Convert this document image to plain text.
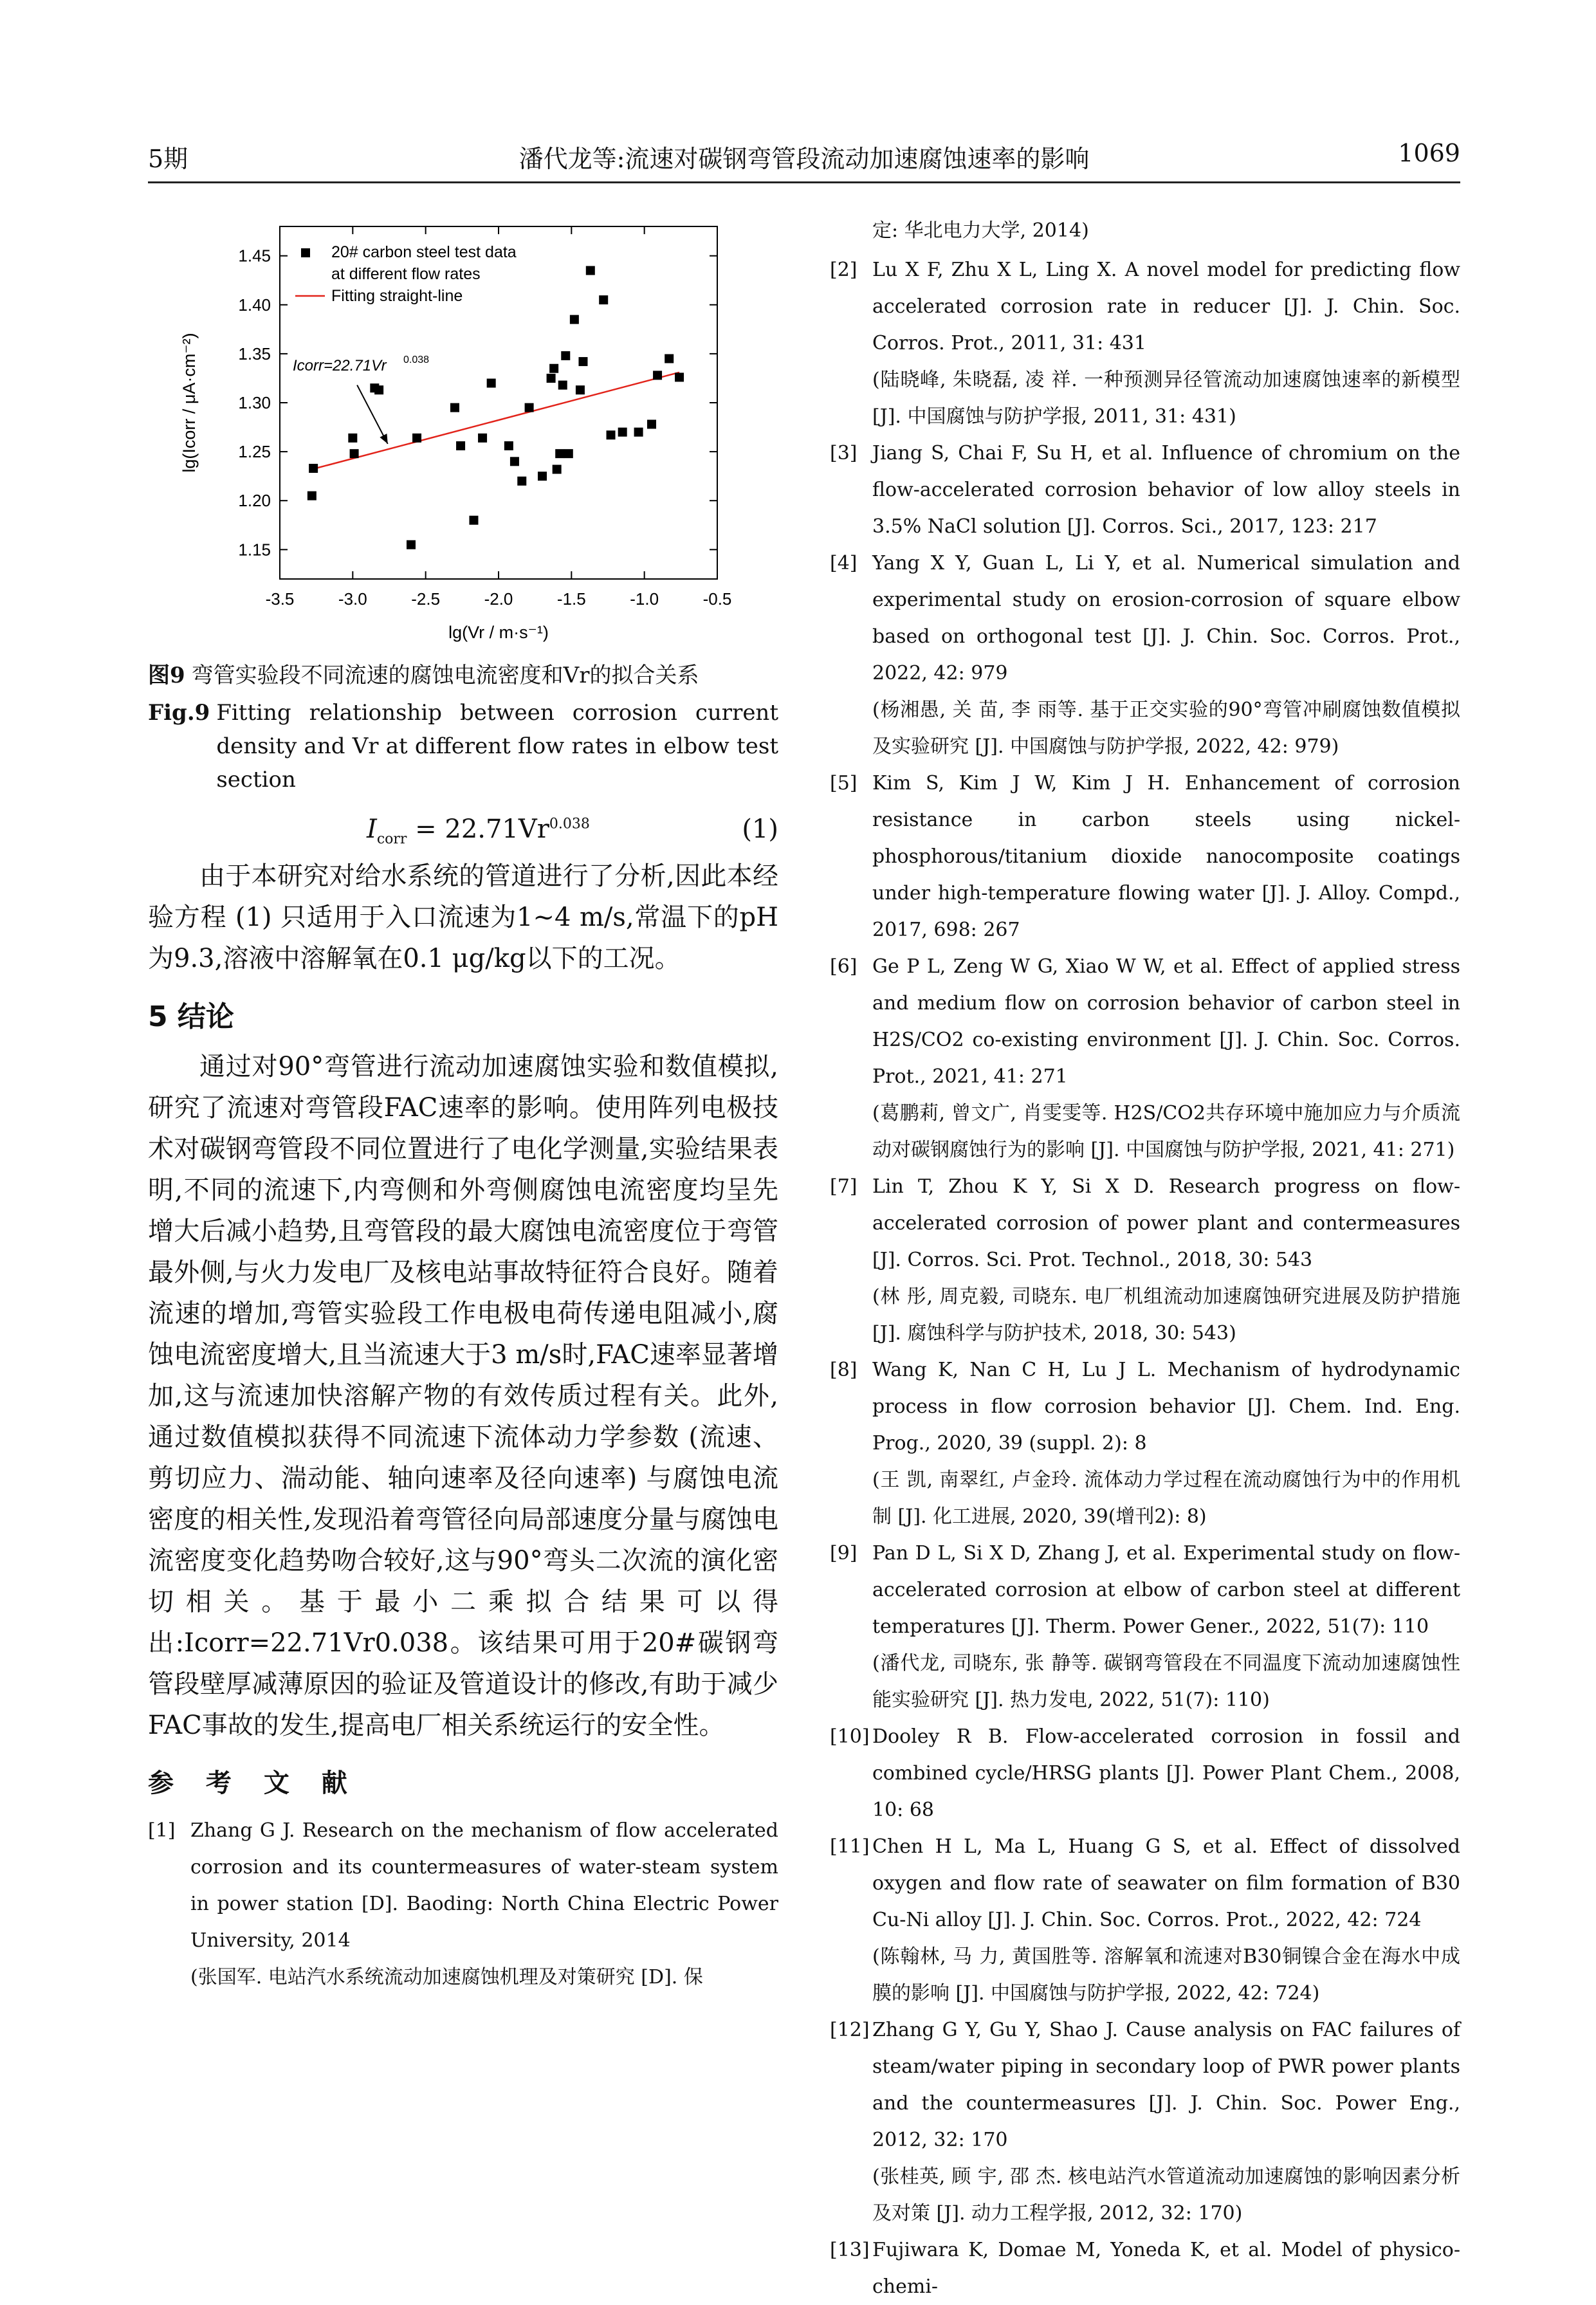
5期	潘代龙等:流速对碳钢弯管段流动加速腐蚀速率的影响	1069
-3.5	-3.0	-2.5	-2.0	-1.5	-1.0	-0.5
1.15
1.20
1.25
1.30
1.35
1.40
1.45
lg(Vr / m·s⁻¹)
lg(Icorr / μA·cm⁻²)	Icorr=22.71Vr 0.038
20# carbon steel test data
at different flow rates
Fitting straight-line
图9 弯管实验段不同流速的腐蚀电流密度和Vr的拟合关系
Fig.9 Fitting relationship between corrosion current density and Vr at different flow rates in elbow test section
$I_{corr} = 22.71Vr^{0.038}$	(1)

由于本研究对给水系统的管道进行了分析,因此本经验方程 (1) 只适用于入口流速为1~4 m/s,常温下的pH为9.3,溶液中溶解氧在0.1 μg/kg以下的工况。

5 结论

通过对90°弯管进行流动加速腐蚀实验和数值模拟,研究了流速对弯管段FAC速率的影响。使用阵列电极技术对碳钢弯管段不同位置进行了电化学测量,实验结果表明,不同的流速下,内弯侧和外弯侧腐蚀电流密度均呈先增大后减小趋势,且弯管段的最大腐蚀电流密度位于弯管最外侧,与火力发电厂及核电站事故特征符合良好。随着流速的增加,弯管实验段工作电极电荷传递电阻减小,腐蚀电流密度增大,且当流速大于3 m/s时,FAC速率显著增加,这与流速加快溶解产物的有效传质过程有关。此外,通过数值模拟获得不同流速下流体动力学参数 (流速、剪切应力、湍动能、轴向速率及径向速率) 与腐蚀电流密度的相关性,发现沿着弯管径向局部速度分量与腐蚀电流密度变化趋势吻合较好,这与90°弯头二次流的演化密切相关。基于最小二乘拟合结果可以得出:Icorr=22.71Vr0.038。该结果可用于20#碳钢弯管段壁厚减薄原因的验证及管道设计的修改,有助于减少FAC事故的发生,提高电厂相关系统运行的安全性。

参 考 文 献
[1] Zhang G J. Research on the mechanism of flow accelerated corrosion and its countermeasures of water-steam system in power station [D]. Baoding: North China Electric Power University, 2014
(张国军. 电站汽水系统流动加速腐蚀机理及对策研究 [D]. 保
定: 华北电力大学, 2014)
[2] Lu X F, Zhu X L, Ling X. A novel model for predicting flow accelerated corrosion rate in reducer [J]. J. Chin. Soc. Corros. Prot., 2011, 31: 431
(陆晓峰, 朱晓磊, 凌 祥. 一种预测异径管流动加速腐蚀速率的新模型 [J]. 中国腐蚀与防护学报, 2011, 31: 431)
[3] Jiang S, Chai F, Su H, et al. Influence of chromium on the flow-accelerated corrosion behavior of low alloy steels in 3.5% NaCl solution [J]. Corros. Sci., 2017, 123: 217
[4] Yang X Y, Guan L, Li Y, et al. Numerical simulation and experimental study on erosion-corrosion of square elbow based on orthogonal test [J]. J. Chin. Soc. Corros. Prot., 2022, 42: 979
(杨湘愚, 关 苗, 李 雨等. 基于正交实验的90°弯管冲刷腐蚀数值模拟及实验研究 [J]. 中国腐蚀与防护学报, 2022, 42: 979)
[5] Kim S, Kim J W, Kim J H. Enhancement of corrosion resistance in carbon steels using nickel-phosphorous/titanium dioxide nanocomposite coatings under high-temperature flowing water [J]. J. Alloy. Compd., 2017, 698: 267
[6] Ge P L, Zeng W G, Xiao W W, et al. Effect of applied stress and medium flow on corrosion behavior of carbon steel in H2S/CO2 co-existing environment [J]. J. Chin. Soc. Corros. Prot., 2021, 41: 271
(葛鹏莉, 曾文广, 肖雯雯等. H2S/CO2共存环境中施加应力与介质流动对碳钢腐蚀行为的影响 [J]. 中国腐蚀与防护学报, 2021, 41: 271)
[7] Lin T, Zhou K Y, Si X D. Research progress on flow-accelerated corrosion of power plant and contermeasures [J]. Corros. Sci. Prot. Technol., 2018, 30: 543
(林 彤, 周克毅, 司晓东. 电厂机组流动加速腐蚀研究进展及防护措施 [J]. 腐蚀科学与防护技术, 2018, 30: 543)
[8] Wang K, Nan C H, Lu J L. Mechanism of hydrodynamic process in flow corrosion behavior [J]. Chem. Ind. Eng. Prog., 2020, 39 (suppl. 2): 8
(王 凯, 南翠红, 卢金玲. 流体动力学过程在流动腐蚀行为中的作用机制 [J]. 化工进展, 2020, 39(增刊2): 8)
[9] Pan D L, Si X D, Zhang J, et al. Experimental study on flow-accelerated corrosion at elbow of carbon steel at different temperatures [J]. Therm. Power Gener., 2022, 51(7): 110
(潘代龙, 司晓东, 张 静等. 碳钢弯管段在不同温度下流动加速腐蚀性能实验研究 [J]. 热力发电, 2022, 51(7): 110)
[10] Dooley R B. Flow-accelerated corrosion in fossil and combined cycle/HRSG plants [J]. Power Plant Chem., 2008, 10: 68
[11] Chen H L, Ma L, Huang G S, et al. Effect of dissolved oxygen and flow rate of seawater on film formation of B30 Cu-Ni alloy [J]. J. Chin. Soc. Corros. Prot., 2022, 42: 724
(陈翰林, 马 力, 黄国胜等. 溶解氧和流速对B30铜镍合金在海水中成膜的影响 [J]. 中国腐蚀与防护学报, 2022, 42: 724)
[12] Zhang G Y, Gu Y, Shao J. Cause analysis on FAC failures of steam/water piping in secondary loop of PWR power plants and the countermeasures [J]. J. Chin. Soc. Power Eng., 2012, 32: 170
(张桂英, 顾 宇, 邵 杰. 核电站汽水管道流动加速腐蚀的影响因素分析及对策 [J]. 动力工程学报, 2012, 32: 170)
[13] Fujiwara K, Domae M, Yoneda K, et al. Model of physico-chemi-
